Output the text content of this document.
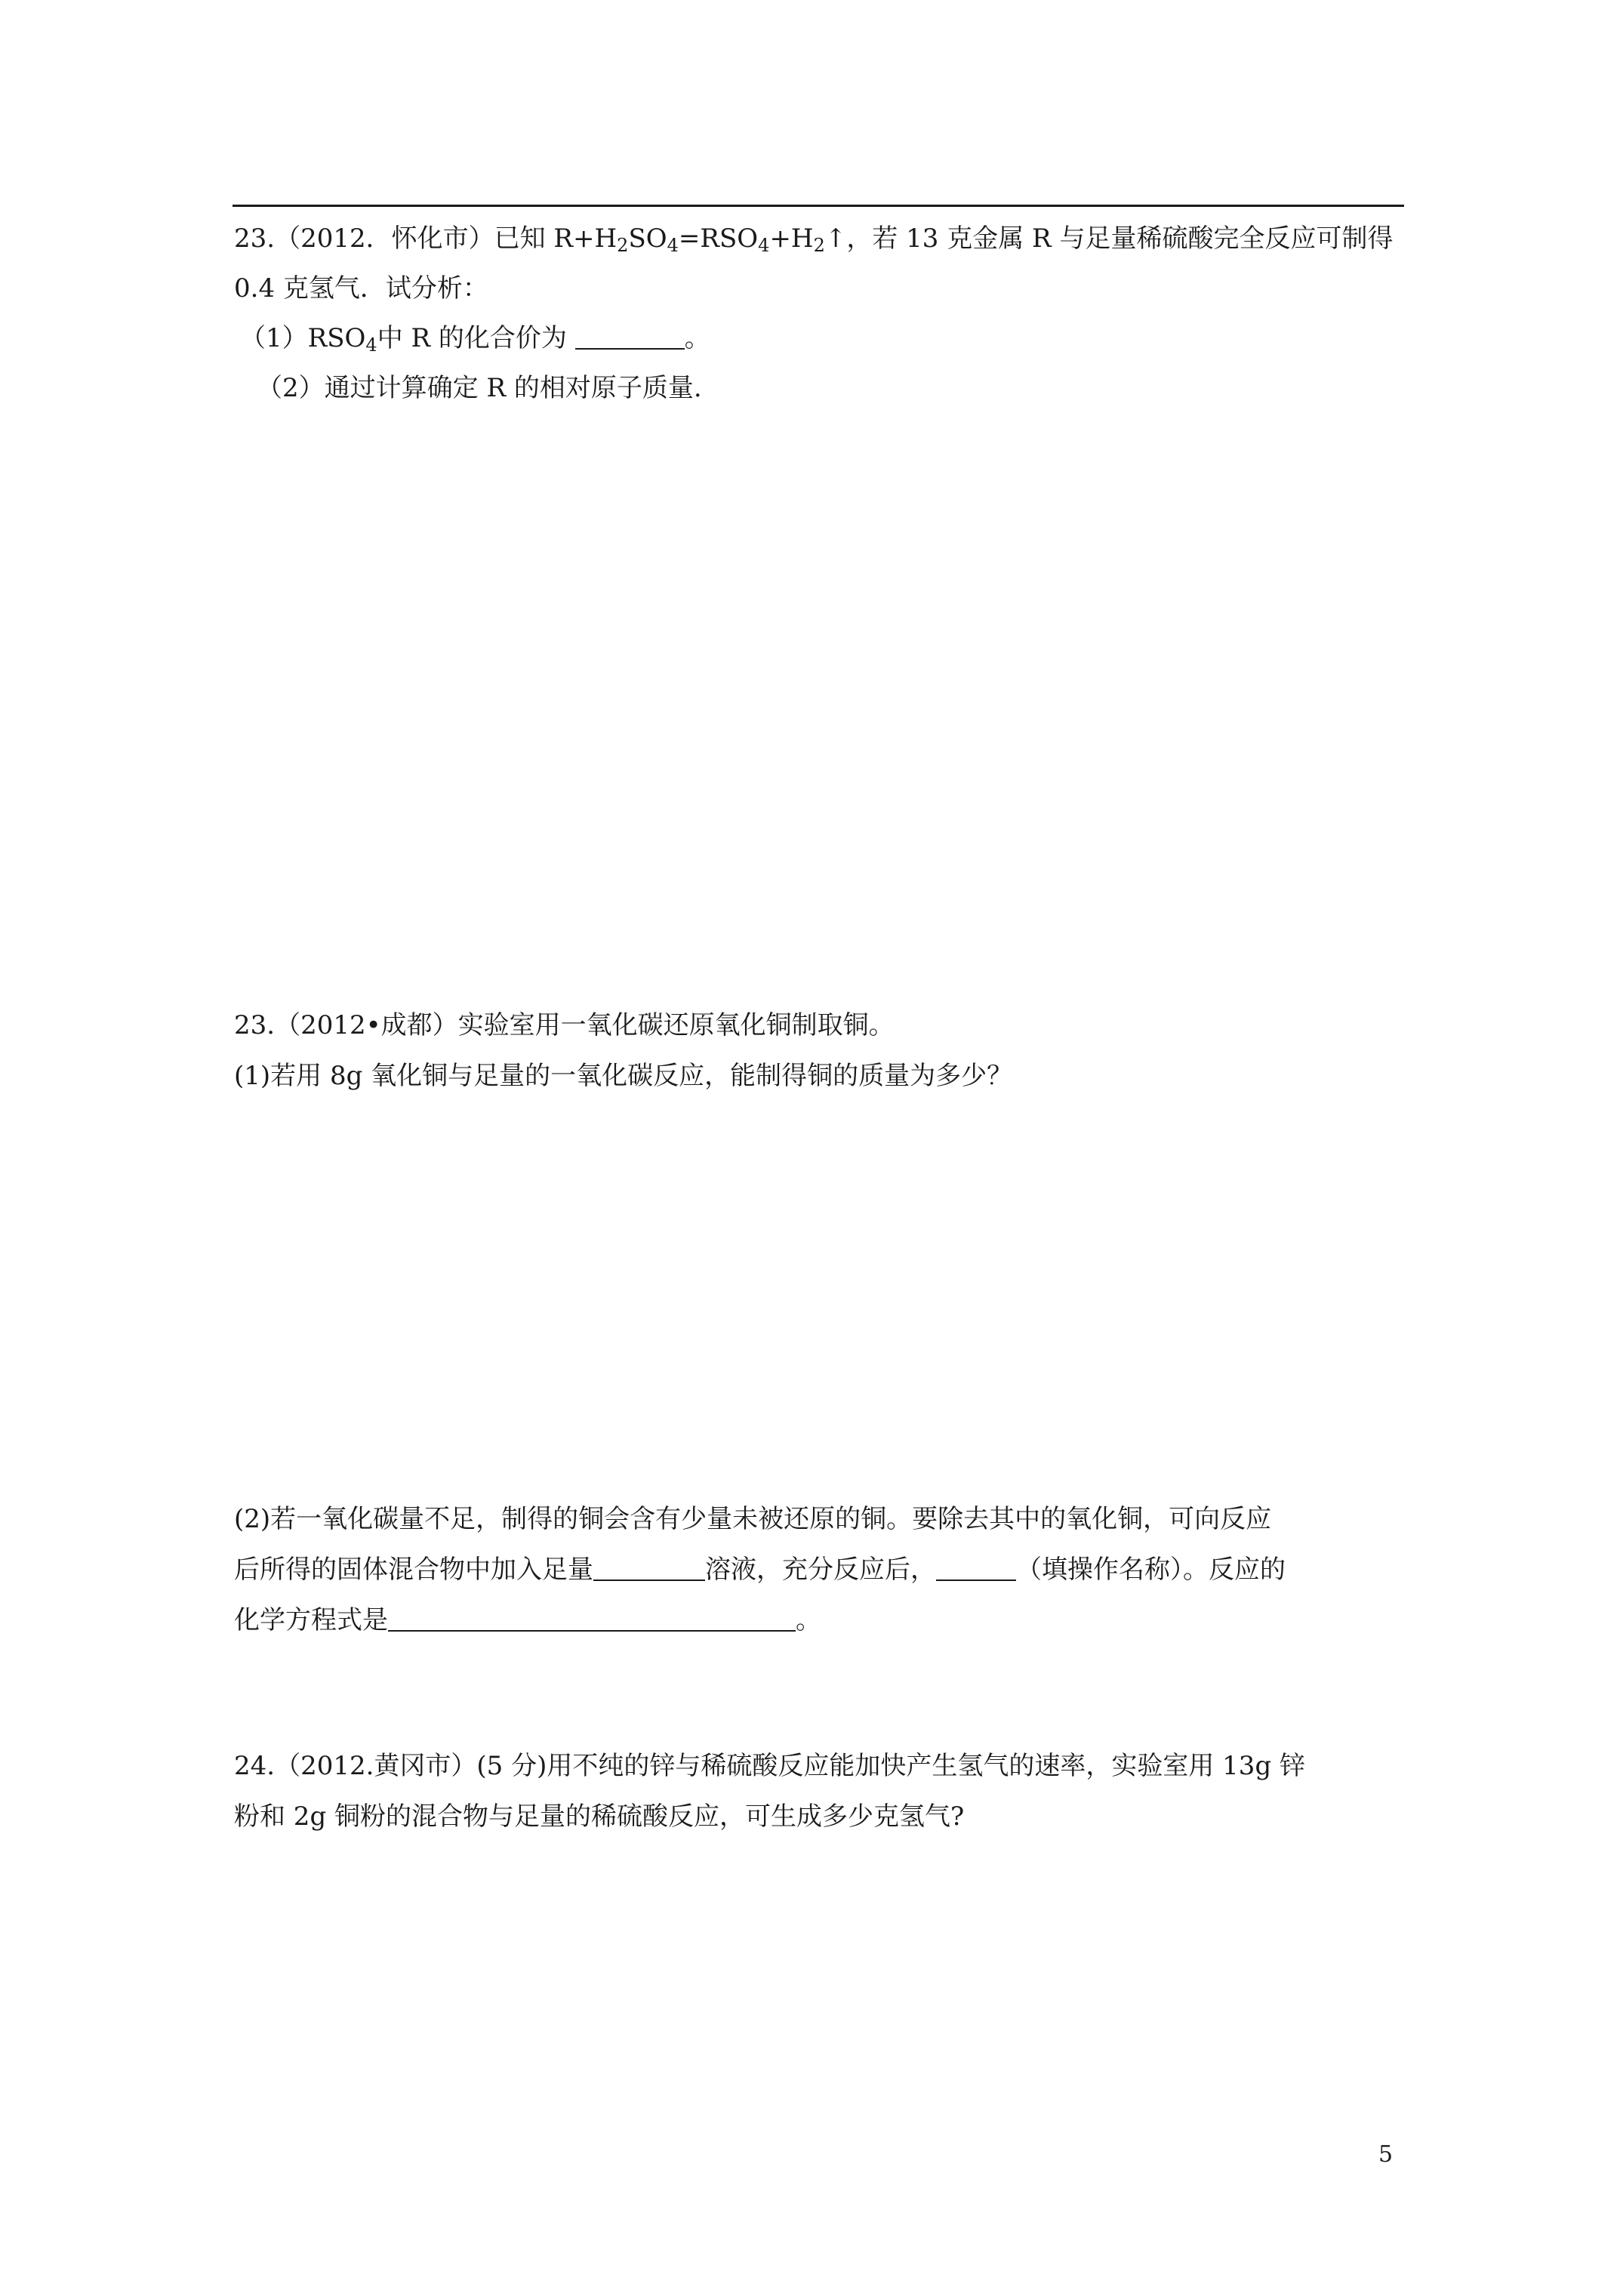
23.（2012．怀化市）已知 $R+H_2SO_4=RSO_4+H_2↑$，若 13 克金属 R 与足量稀硫酸完全反应可制得
0.4 克氢气．试分析：
$(1)RSO_4$中 R 的化合价为	。
（2）通过计算确定 R 的相对原子质量.
23.（2012•成都）实验室用一氧化碳还原氧化铜制取铜。
(1)若用 8g 氧化铜与足量的一氧化碳反应，能制得铜的质量为多少？
(2)若一氧化碳量不足，制得的铜会含有少量未被还原的铜。要除去其中的氧化铜，可向反应
后所得的固体混合物中加入足量	溶液，充分反应后，	（填操作名称）。反应的
化学方程式是	。
24.（2012.黄冈市）(5 分)用不纯的锌与稀硫酸反应能加快产生氢气的速率，实验室用 13g 锌
粉和 2g 铜粉的混合物与足量的稀硫酸反应，可生成多少克氢气?
5
